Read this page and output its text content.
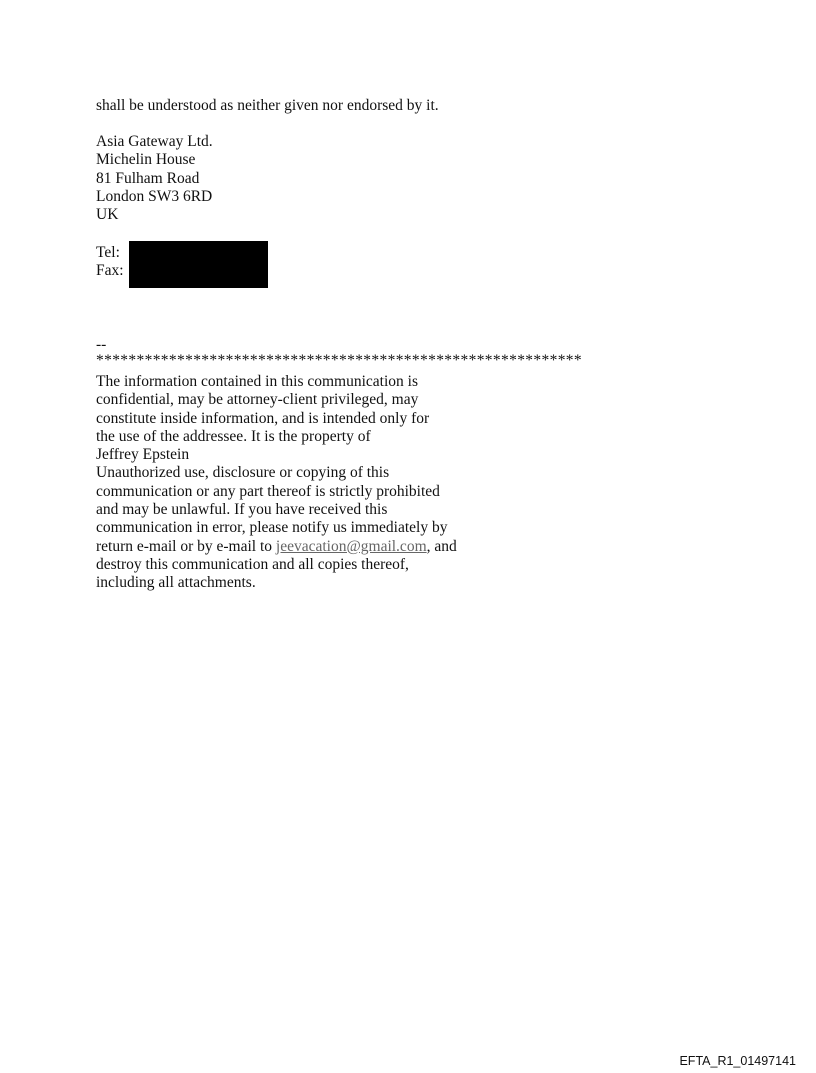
shall be understood as neither given nor endorsed by it.
Asia Gateway Ltd.
Michelin House
81 Fulham Road
London SW3 6RD
UK
Tel:
Fax:
--
************************************************************
The information contained in this communication is
confidential, may be attorney-client privileged, may
constitute inside information, and is intended only for
the use of the addressee. It is the property of
Jeffrey Epstein
Unauthorized use, disclosure or copying of this
communication or any part thereof is strictly prohibited
and may be unlawful. If you have received this
communication in error, please notify us immediately by
return e-mail or by e-mail to jeevacation@gmail.com, and
destroy this communication and all copies thereof,
including all attachments.
EFTA_R1_01497141
